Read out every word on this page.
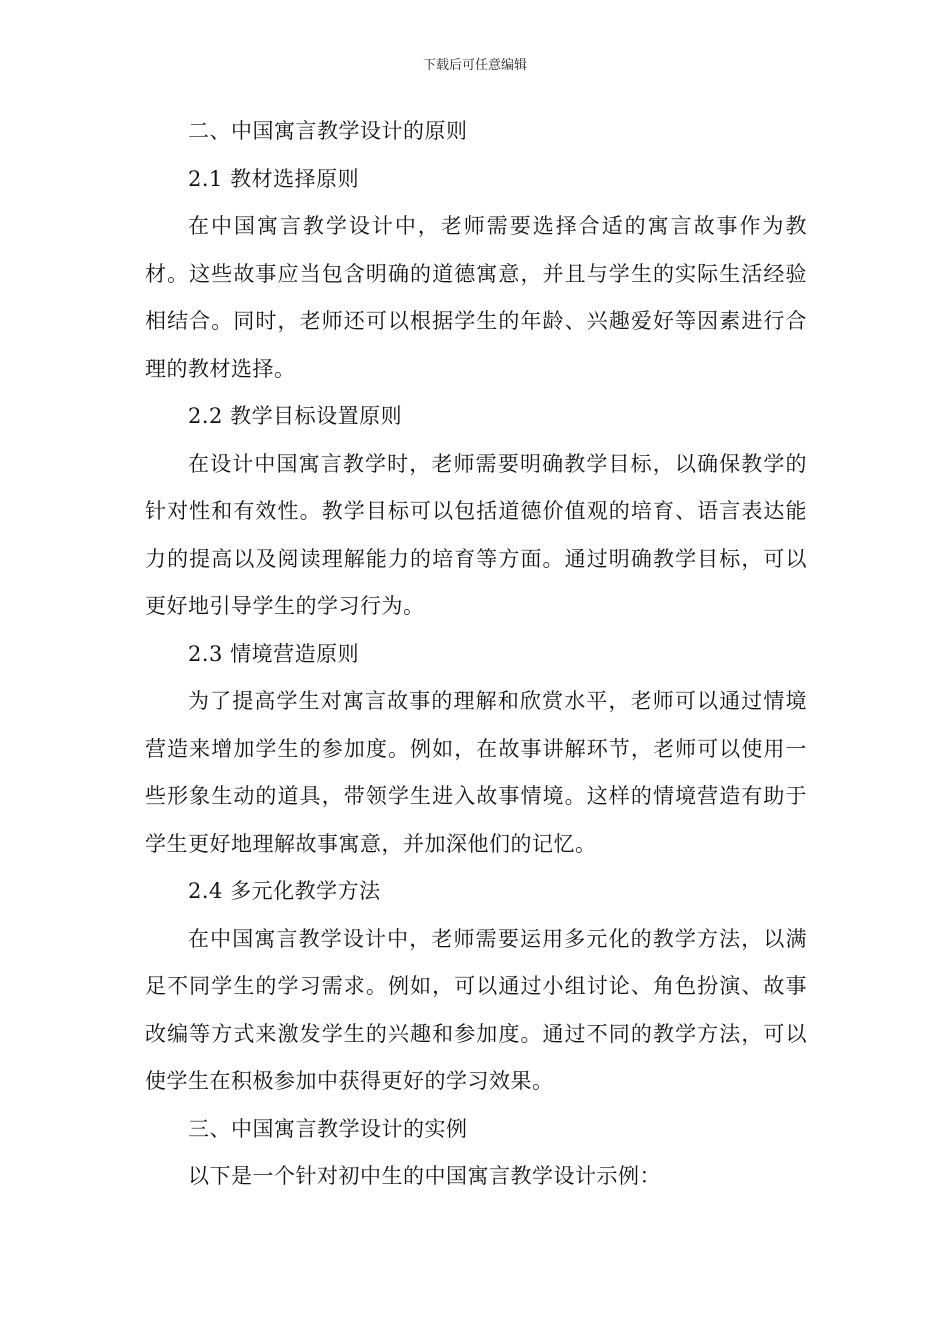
下载后可任意编辑
二、中国寓言教学设计的原则
2.1 教材选择原则

在中国寓言教学设计中，老师需要选择合适的寓言故事作为教材。这些故事应当包含明确的道德寓意，并且与学生的实际生活经验相结合。同时，老师还可以根据学生的年龄、兴趣爱好等因素进行合理的教材选择。

2.2 教学目标设置原则

在设计中国寓言教学时，老师需要明确教学目标，以确保教学的针对性和有效性。教学目标可以包括道德价值观的培育、语言表达能力的提高以及阅读理解能力的培育等方面。通过明确教学目标，可以更好地引导学生的学习行为。

2.3 情境营造原则

为了提高学生对寓言故事的理解和欣赏水平，老师可以通过情境营造来增加学生的参加度。例如，在故事讲解环节，老师可以使用一些形象生动的道具，带领学生进入故事情境。这样的情境营造有助于学生更好地理解故事寓意，并加深他们的记忆。

2.4 多元化教学方法

在中国寓言教学设计中，老师需要运用多元化的教学方法，以满足不同学生的学习需求。例如，可以通过小组讨论、角色扮演、故事改编等方式来激发学生的兴趣和参加度。通过不同的教学方法，可以使学生在积极参加中获得更好的学习效果。

三、中国寓言教学设计的实例

以下是一个针对初中生的中国寓言教学设计示例：
